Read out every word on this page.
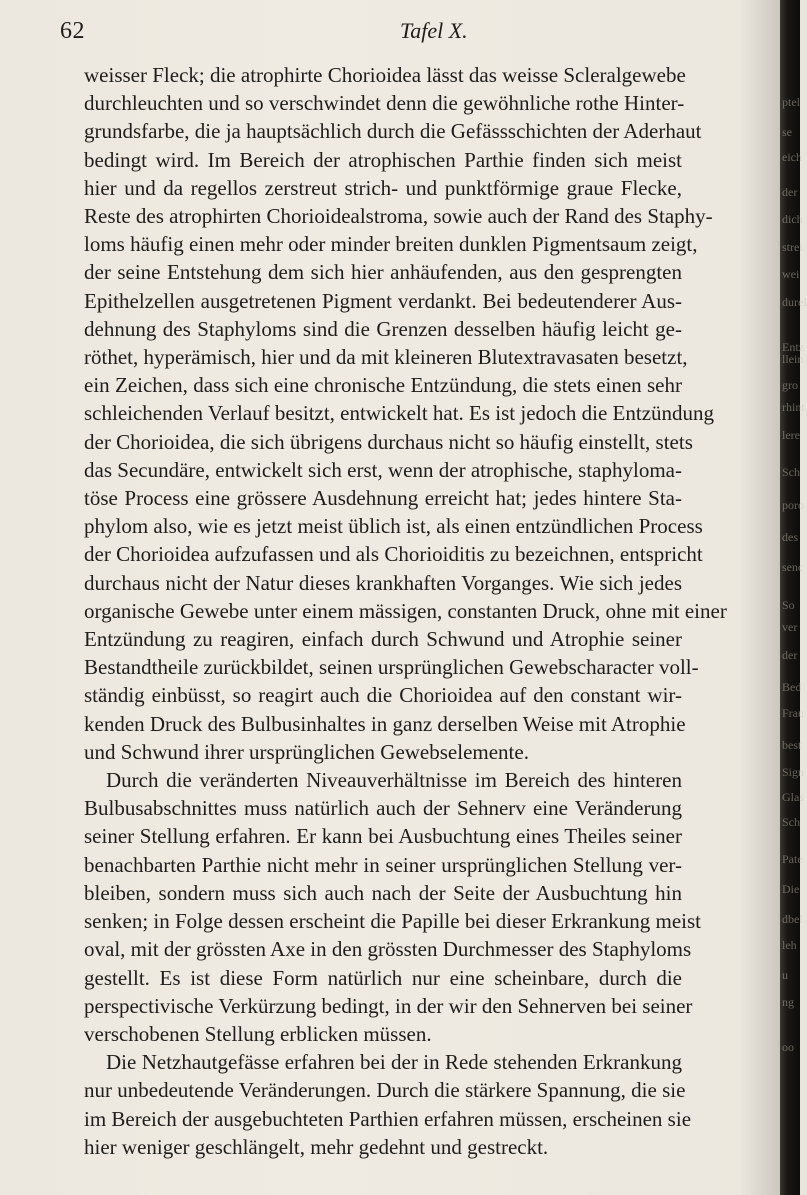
62	Tafel X.
weisser Fleck; die atrophirte Chorioidea lässt das weisse Scleralgewebe
durchleuchten und so verschwindet denn die gewöhnliche rothe Hinter-
grundsfarbe, die ja hauptsächlich durch die Gefässschichten der Aderhaut
bedingt wird. Im Bereich der atrophischen Parthie finden sich meist
hier und da regellos zerstreut strich- und punktförmige graue Flecke,
Reste des atrophirten Chorioidealstroma, sowie auch der Rand des Staphy-
loms häufig einen mehr oder minder breiten dunklen Pigmentsaum zeigt,
der seine Entstehung dem sich hier anhäufenden, aus den gesprengten
Epithelzellen ausgetretenen Pigment verdankt. Bei bedeutenderer Aus-
dehnung des Staphyloms sind die Grenzen desselben häufig leicht ge-
röthet, hyperämisch, hier und da mit kleineren Blutextravasaten besetzt,
ein Zeichen, dass sich eine chronische Entzündung, die stets einen sehr
schleichenden Verlauf besitzt, entwickelt hat. Es ist jedoch die Entzündung
der Chorioidea, die sich übrigens durchaus nicht so häufig einstellt, stets
das Secundäre, entwickelt sich erst, wenn der atrophische, staphyloma-
töse Process eine grössere Ausdehnung erreicht hat; jedes hintere Sta-
phylom also, wie es jetzt meist üblich ist, als einen entzündlichen Process
der Chorioidea aufzufassen und als Chorioiditis zu bezeichnen, entspricht
durchaus nicht der Natur dieses krankhaften Vorganges. Wie sich jedes
organische Gewebe unter einem mässigen, constanten Druck, ohne mit einer
Entzündung zu reagiren, einfach durch Schwund und Atrophie seiner
Bestandtheile zurückbildet, seinen ursprünglichen Gewebscharacter voll-
ständig einbüsst, so reagirt auch die Chorioidea auf den constant wir-
kenden Druck des Bulbusinhaltes in ganz derselben Weise mit Atrophie
und Schwund ihrer ursprünglichen Gewebselemente.
Durch die veränderten Niveauverhältnisse im Bereich des hinteren
Bulbusabschnittes muss natürlich auch der Sehnerv eine Veränderung
seiner Stellung erfahren. Er kann bei Ausbuchtung eines Theiles seiner
benachbarten Parthie nicht mehr in seiner ursprünglichen Stellung ver-
bleiben, sondern muss sich auch nach der Seite der Ausbuchtung hin
senken; in Folge dessen erscheint die Papille bei dieser Erkrankung meist
oval, mit der grössten Axe in den grössten Durchmesser des Staphyloms
gestellt. Es ist diese Form natürlich nur eine scheinbare, durch die
perspectivische Verkürzung bedingt, in der wir den Sehnerven bei seiner
verschobenen Stellung erblicken müssen.
Die Netzhautgefässe erfahren bei der in Rede stehenden Erkrankung
nur unbedeutende Veränderungen. Durch die stärkere Spannung, die sie
im Bereich der ausgebuchteten Parthien erfahren müssen, erscheinen sie
hier weniger geschlängelt, mehr gedehnt und gestreckt.
ptel
se
eich
der
dich
strei
wei
durel
Entz
llein
gro
rhint
lere
Sch
poro
des
senc
So
ver
der
Bed
Frau
best
Sign
Glas
Sch
Pate
Die
dbel
leh
u
ng
oo
